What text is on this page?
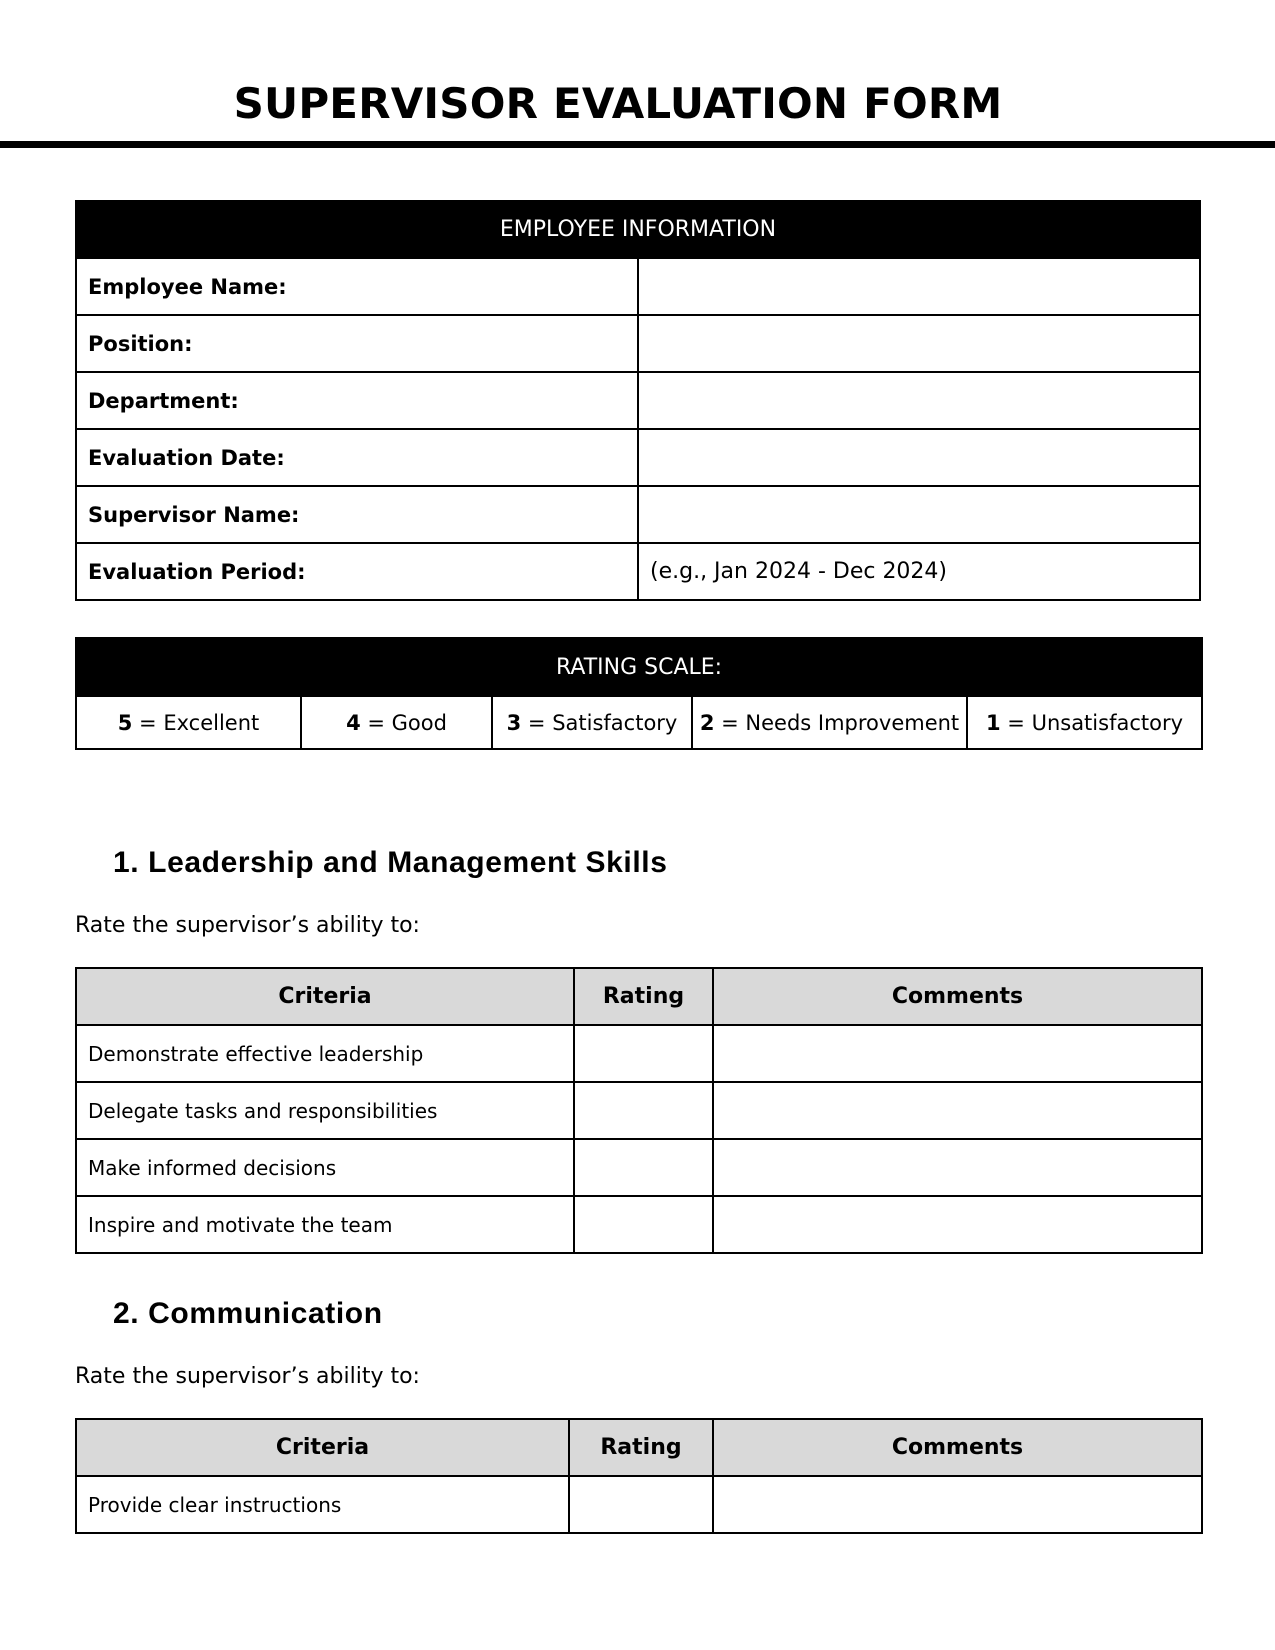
SUPERVISOR EVALUATION FORM
EMPLOYEE INFORMATION	
Employee Name:	
Position:	
Department:	
Evaluation Date:	
Supervisor Name:	
Evaluation Period:	(e.g., Jan 2024 - Dec 2024)
RATING SCALE:
5 = Excellent	4 = Good	3 = Satisfactory	2 = Needs Improvement	1 = Unsatisfactory
1. Leadership and Management Skills

Rate the supervisor’s ability to:

Criteria	Rating	Comments
Demonstrate effective leadership		
Delegate tasks and responsibilities		
Make informed decisions		
Inspire and motivate the team		
2. Communication

Rate the supervisor’s ability to:

Criteria	Rating	Comments
Provide clear instructions		
